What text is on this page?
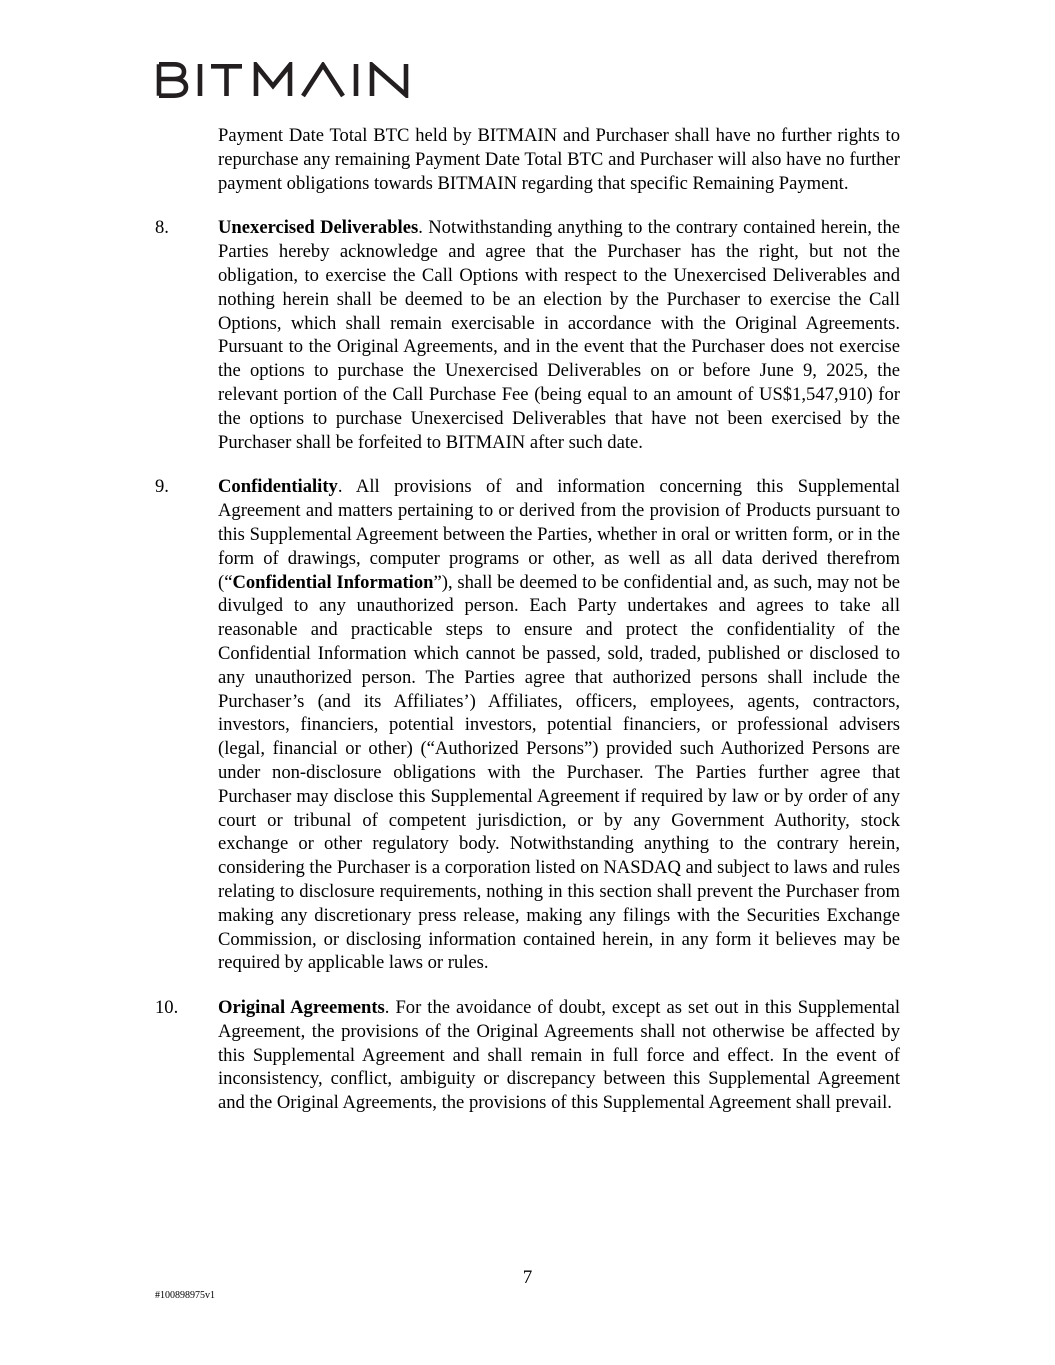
Payment Date Total BTC held by BITMAIN and Purchaser shall have no further rights to repurchase any remaining Payment Date Total BTC and Purchaser will also have no further payment obligations towards BITMAIN regarding that specific Remaining Payment.

8.	Unexercised Deliverables. Notwithstanding anything to the contrary contained herein, the Parties hereby acknowledge and agree that the Purchaser has the right, but not the obligation, to exercise the Call Options with respect to the Unexercised Deliverables and nothing herein shall be deemed to be an election by the Purchaser to exercise the Call Options, which shall remain exercisable in accordance with the Original Agreements. Pursuant to the Original Agreements, and in the event that the Purchaser does not exercise the options to purchase the Unexercised Deliverables on or before June 9, 2025, the relevant portion of the Call Purchase Fee (being equal to an amount of US$1,547,910) for the options to purchase Unexercised Deliverables that have not been exercised by the Purchaser shall be forfeited to BITMAIN after such date.

9.	Confidentiality. All provisions of and information concerning this Supplemental Agreement and matters pertaining to or derived from the provision of Products pursuant to this Supplemental Agreement between the Parties, whether in oral or written form, or in the form of drawings, computer programs or other, as well as all data derived therefrom (“Confidential Information”), shall be deemed to be confidential and, as such, may not be divulged to any unauthorized person. Each Party undertakes and agrees to take all reasonable and practicable steps to ensure and protect the confidentiality of the Confidential Information which cannot be passed, sold, traded, published or disclosed to any unauthorized person. The Parties agree that authorized persons shall include the Purchaser’s (and its Affiliates’) Affiliates, officers, employees, agents, contractors, investors, financiers, potential investors, potential financiers, or professional advisers (legal, financial or other) (“Authorized Persons”) provided such Authorized Persons are under non-disclosure obligations with the Purchaser. The Parties further agree that Purchaser may disclose this Supplemental Agreement if required by law or by order of any court or tribunal of competent jurisdiction, or by any Government Authority, stock exchange or other regulatory body. Notwithstanding anything to the contrary herein, considering the Purchaser is a corporation listed on NASDAQ and subject to laws and rules relating to disclosure requirements, nothing in this section shall prevent the Purchaser from making any discretionary press release, making any filings with the Securities Exchange Commission, or disclosing information contained herein, in any form it believes may be required by applicable laws or rules.

10.	Original Agreements. For the avoidance of doubt, except as set out in this Supplemental Agreement, the provisions of the Original Agreements shall not otherwise be affected by this Supplemental Agreement and shall remain in full force and effect. In the event of inconsistency, conflict, ambiguity or discrepancy between this Supplemental Agreement and the Original Agreements, the provisions of this Supplemental Agreement shall prevail.

7
#100898975v1
